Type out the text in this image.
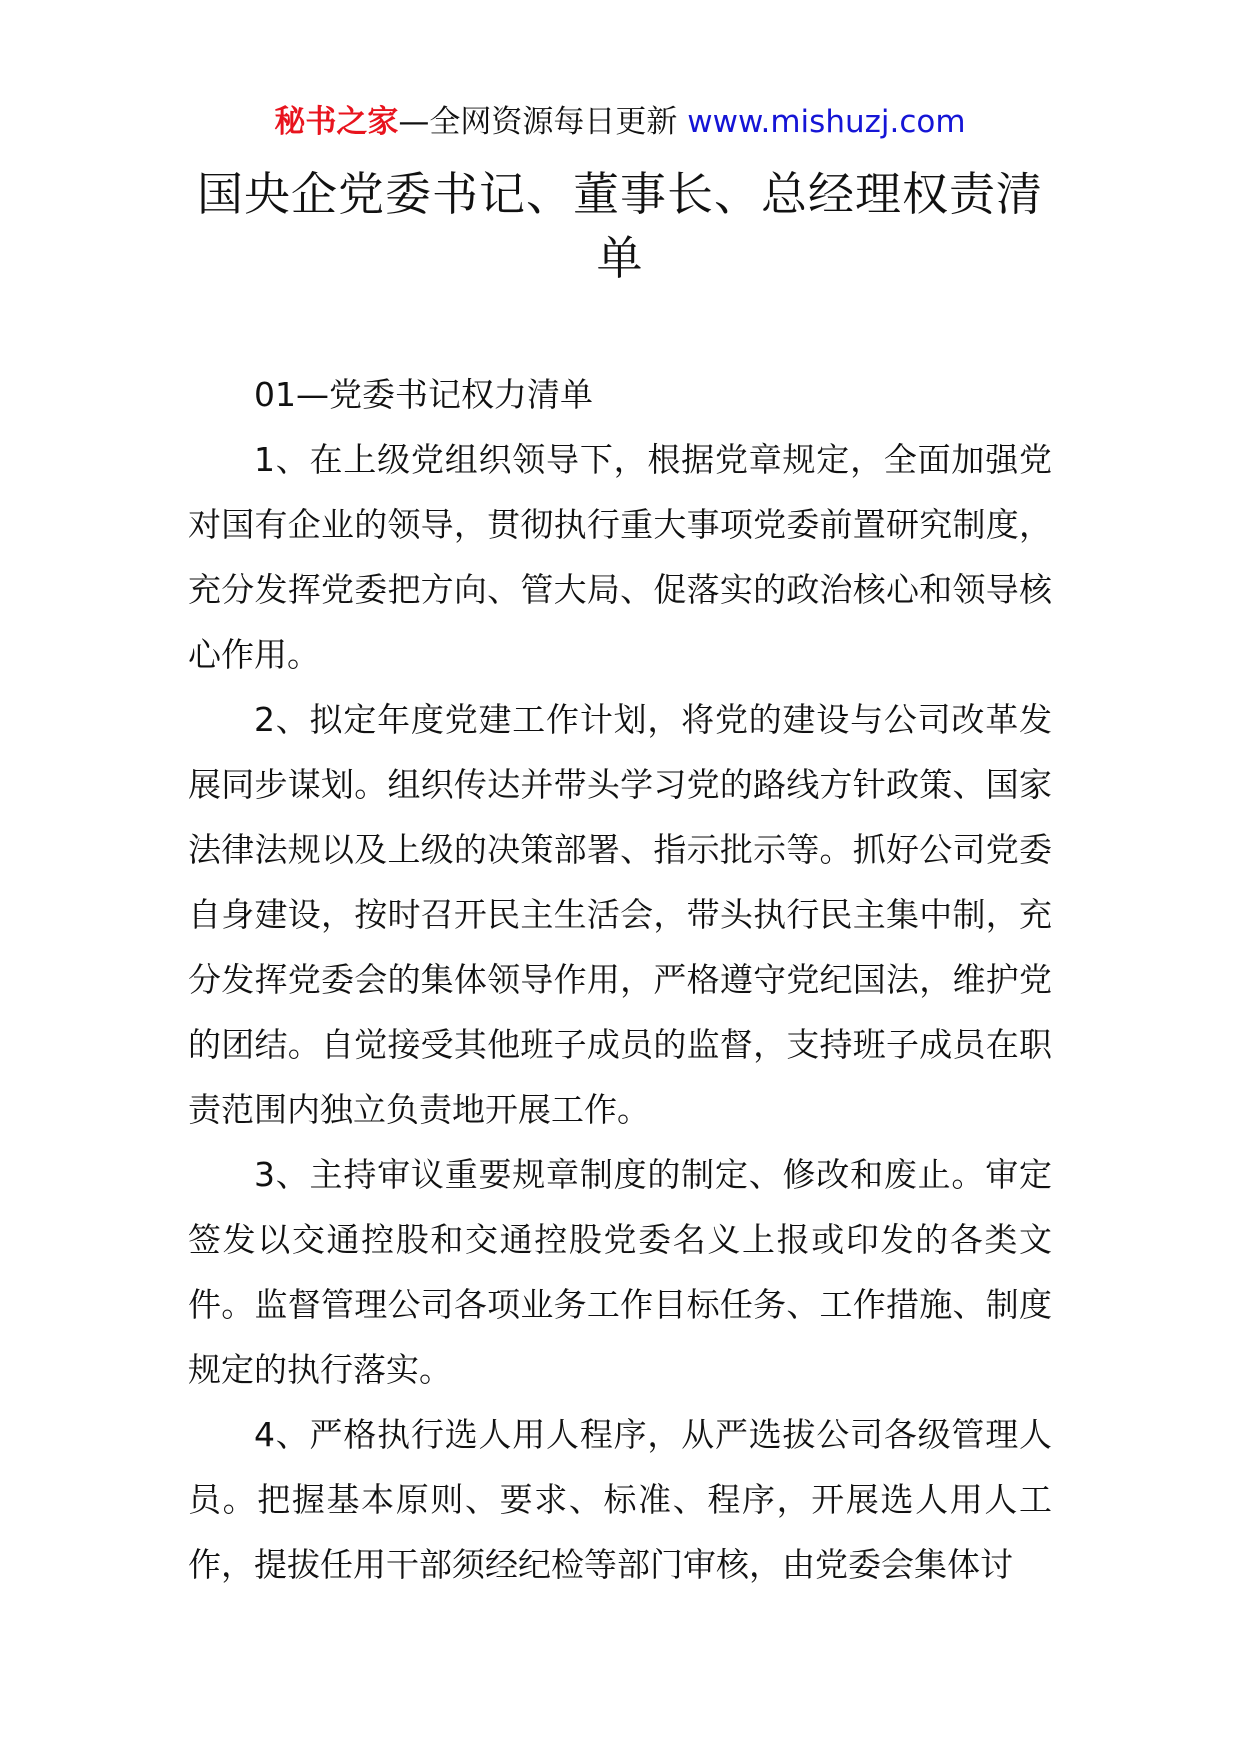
秘书之家—全网资源每日更新 www.mishuzj.com
国央企党委书记、董事长、总经理权责清单

01—党委书记权力清单

1、在上级党组织领导下，根据党章规定，全面加强党对国有企业的领导，贯彻执行重大事项党委前置研究制度，充分发挥党委把方向、管大局、促落实的政治核心和领导核心作用。

2、拟定年度党建工作计划，将党的建设与公司改革发展同步谋划。组织传达并带头学习党的路线方针政策、国家法律法规以及上级的决策部署、指示批示等。抓好公司党委自身建设，按时召开民主生活会，带头执行民主集中制，充分发挥党委会的集体领导作用，严格遵守党纪国法，维护党的团结。自觉接受其他班子成员的监督，支持班子成员在职责范围内独立负责地开展工作。

3、主持审议重要规章制度的制定、修改和废止。审定签发以交通控股和交通控股党委名义上报或印发的各类文件。监督管理公司各项业务工作目标任务、工作措施、制度规定的执行落实。

4、严格执行选人用人程序，从严选拔公司各级管理人员。把握基本原则、要求、标准、程序，开展选人用人工作，提拔任用干部须经纪检等部门审核，由党委会集体讨
